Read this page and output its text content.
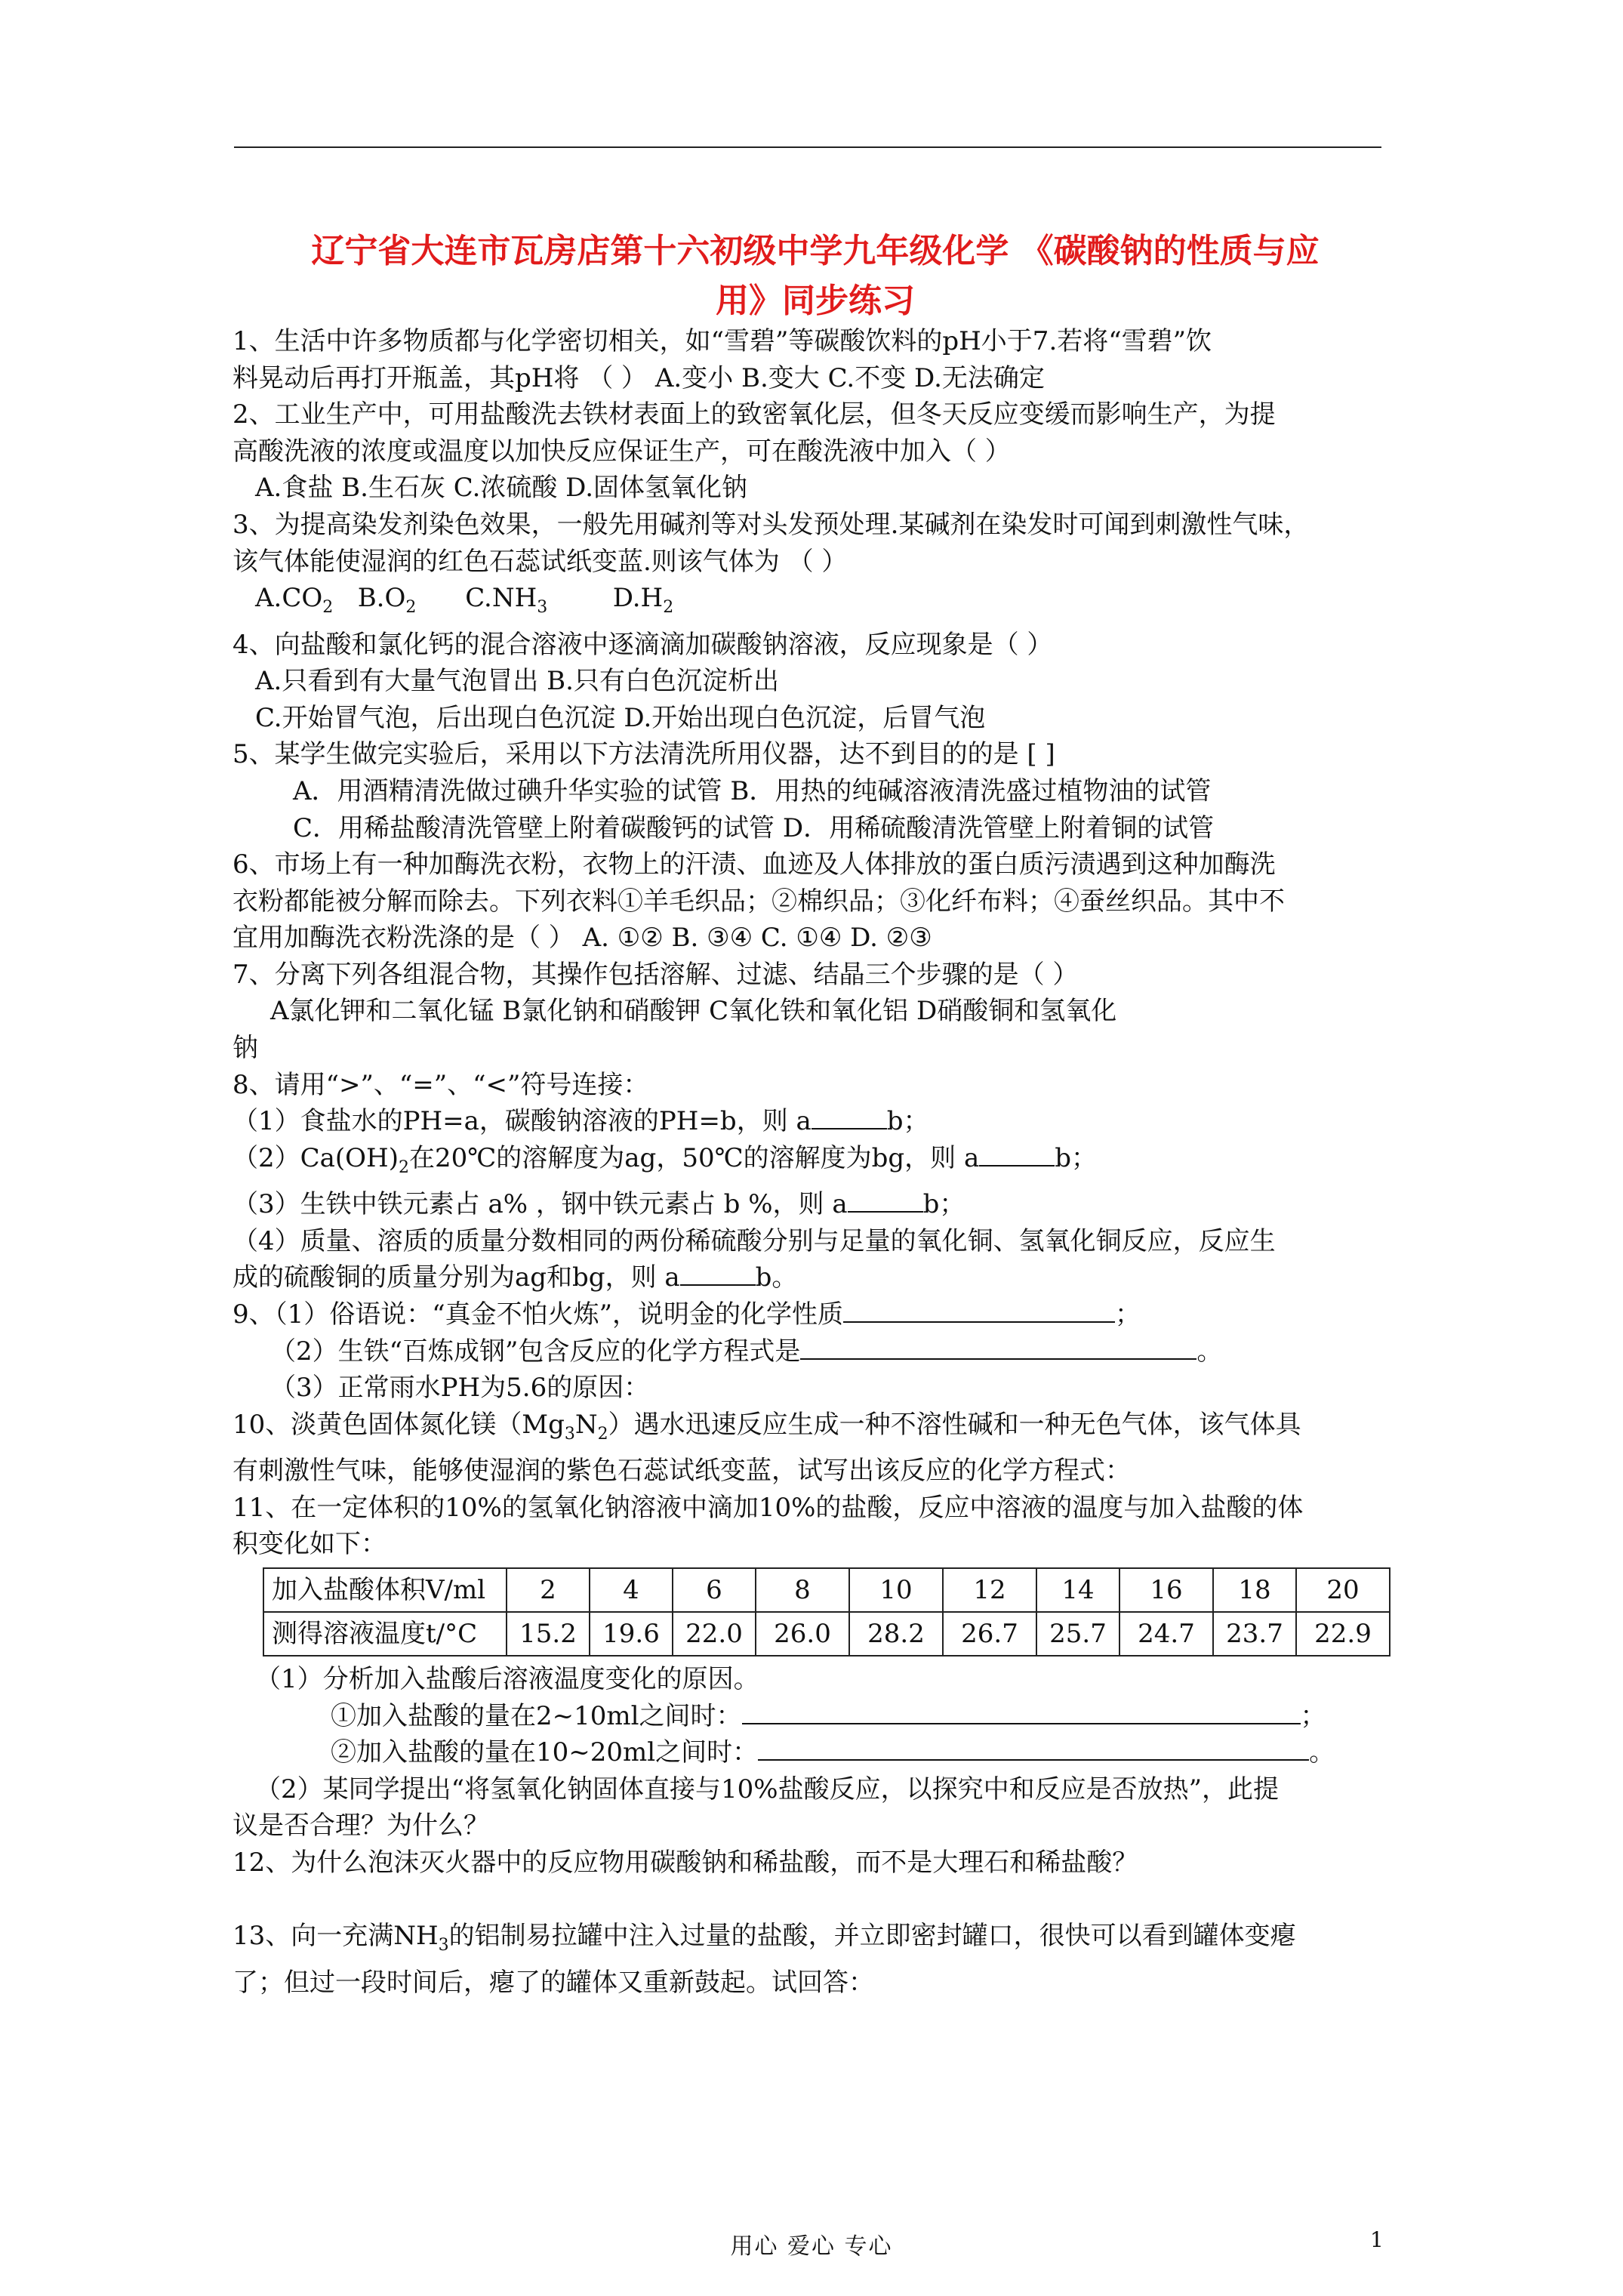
辽宁省大连市瓦房店第十六初级中学九年级化学 《碳酸钠的性质与应
用》同步练习

1、生活中许多物质都与化学密切相关，如“雪碧”等碳酸饮料的pH小于7.若将“雪碧”饮

料晃动后再打开瓶盖，其pH将 （ ） A.变小 B.变大 C.不变 D.无法确定

2、工业生产中，可用盐酸洗去铁材表面上的致密氧化层，但冬天反应变缓而影响生产，为提

高酸洗液的浓度或温度以加快反应保证生产，可在酸洗液中加入（ ）

A.食盐 B.生石灰 C.浓硫酸 D.固体氢氧化钠

3、为提高染发剂染色效果，一般先用碱剂等对头发预处理.某碱剂在染发时可闻到刺激性气味，

该气体能使湿润的红色石蕊试纸变蓝.则该气体为 （ ）

$A.CO_2$ $B.O_2$ $C.NH_3$	$D.H_2$

4、向盐酸和氯化钙的混合溶液中逐滴滴加碳酸钠溶液，反应现象是（ ）

A.只看到有大量气泡冒出 B.只有白色沉淀析出

C.开始冒气泡，后出现白色沉淀 D.开始出现白色沉淀，后冒气泡

5、某学生做完实验后，采用以下方法清洗所用仪器，达不到目的的是 [ ]

A．用酒精清洗做过碘升华实验的试管 B．用热的纯碱溶液清洗盛过植物油的试管

C．用稀盐酸清洗管壁上附着碳酸钙的试管 D．用稀硫酸清洗管壁上附着铜的试管

6、市场上有一种加酶洗衣粉，衣物上的汗渍、血迹及人体排放的蛋白质污渍遇到这种加酶洗

衣粉都能被分解而除去。下列衣料①羊毛织品；②棉织品；③化纤布料；④蚕丝织品。其中不

宜用加酶洗衣粉洗涤的是（ ） A. ①② B. ③④ C. ①④ D. ②③

7、分离下列各组混合物，其操作包括溶解、过滤、结晶三个步骤的是（ ）

A氯化钾和二氧化锰 B氯化钠和硝酸钾 C氧化铁和氧化铝 D硝酸铜和氢氧化

钠

8、请用“>”、“=”、“<”符号连接：

（1）食盐水的PH=a，碳酸钠溶液的PH=b，则 a	b；

$(2)Ca(OH)_2$在20℃的溶解度为ag，50℃的溶解度为bg，则 a	b；

（3）生铁中铁元素占 a% ，钢中铁元素占 b %，则 a	b；

（4）质量、溶质的质量分数相同的两份稀硫酸分别与足量的氧化铜、氢氧化铜反应，反应生

成的硫酸铜的质量分别为ag和bg，则 a	b。

9、（1）俗语说：“真金不怕火炼”，说明金的化学性质	；

（2）生铁“百炼成钢”包含反应的化学方程式是	。

（3）正常雨水PH为5.6的原因：

10、淡黄色固体氮化镁$(Mg_3N_2)$遇水迅速反应生成一种不溶性碱和一种无色气体，该气体具

有刺激性气味，能够使湿润的紫色石蕊试纸变蓝，试写出该反应的化学方程式：

11、在一定体积的10%的氢氧化钠溶液中滴加10%的盐酸，反应中溶液的温度与加入盐酸的体

积变化如下：

加入盐酸体积V/ml	2	4	6	8	10	12	14	16	18	20
测得溶液温度t/°C	15.2	19.6	22.0	26.0	28.2	26.7	25.7	24.7	23.7	22.9

（1）分析加入盐酸后溶液温度变化的原因。

①加入盐酸的量在2~10ml之间时：	；

②加入盐酸的量在10~20ml之间时：	。

（2）某同学提出“将氢氧化钠固体直接与10%盐酸反应，以探究中和反应是否放热”，此提

议是否合理？为什么？

12、为什么泡沫灭火器中的反应物用碳酸钠和稀盐酸，而不是大理石和稀盐酸？

13、向一充满$NH_3$的铝制易拉罐中注入过量的盐酸，并立即密封罐口，很快可以看到罐体变瘪

了；但过一段时间后，瘪了的罐体又重新鼓起。试回答：

用心 爱心 专心	1
